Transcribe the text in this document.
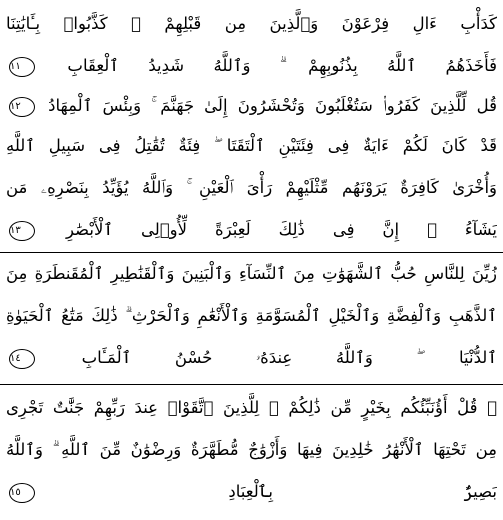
كَدَأْبِ ءَالِ فِرْعَوْنَ وَٱلَّذِينَ مِن قَبْلِهِمْ ۚ كَذَّبُوا۟ بِـَٔايَٰتِنَا
فَأَخَذَهُمُ ٱللَّهُ بِذُنُوبِهِمْ ۗ وَٱللَّهُ شَدِيدُ ٱلْعِقَابِ ١١
قُل لِّلَّذِينَ كَفَرُوا۟ سَتُغْلَبُونَ وَتُحْشَرُونَ إِلَىٰ جَهَنَّمَ ۚ وَبِئْسَ ٱلْمِهَادُ ١٢
قَدْ كَانَ لَكُمْ ءَايَةٌ فِى فِئَتَيْنِ ٱلْتَقَتَا ۖ فِئَةٌ تُقَٰتِلُ فِى سَبِيلِ ٱللَّهِ
وَأُخْرَىٰ كَافِرَةٌ يَرَوْنَهُم مِّثْلَيْهِمْ رَأْىَ ٱلْعَيْنِ ۚ وَٱللَّهُ يُؤَيِّدُ بِنَصْرِهِۦ مَن
يَشَآءُ ۗ إِنَّ فِى ذَٰلِكَ لَعِبْرَةً لِّأُو۟لِى ٱلْأَبْصَٰرِ ١٣
زُيِّنَ لِلنَّاسِ حُبُّ ٱلشَّهَوَٰتِ مِنَ ٱلنِّسَآءِ وَٱلْبَنِينَ وَٱلْقَنَٰطِيرِ ٱلْمُقَنطَرَةِ مِنَ
ٱلذَّهَبِ وَٱلْفِضَّةِ وَٱلْخَيْلِ ٱلْمُسَوَّمَةِ وَٱلْأَنْعَٰمِ وَٱلْحَرْثِ ۗ ذَٰلِكَ مَتَٰعُ ٱلْحَيَوٰةِ
ٱلدُّنْيَا ۖ وَٱللَّهُ عِندَهُۥ حُسْنُ ٱلْمَـَٔابِ ١٤
۞ قُلْ أَؤُنَبِّئُكُم بِخَيْرٍ مِّن ذَٰلِكُمْ ۚ لِلَّذِينَ ٱتَّقَوْا۟ عِندَ رَبِّهِمْ جَنَّٰتٌ تَجْرِى
مِن تَحْتِهَا ٱلْأَنْهَٰرُ خَٰلِدِينَ فِيهَا وَأَزْوَٰجٌ مُّطَهَّرَةٌ وَرِضْوَٰنٌ مِّنَ ٱللَّهِ ۗ وَٱللَّهُ
بَصِيرٌۢ بِٱلْعِبَادِ ١٥
